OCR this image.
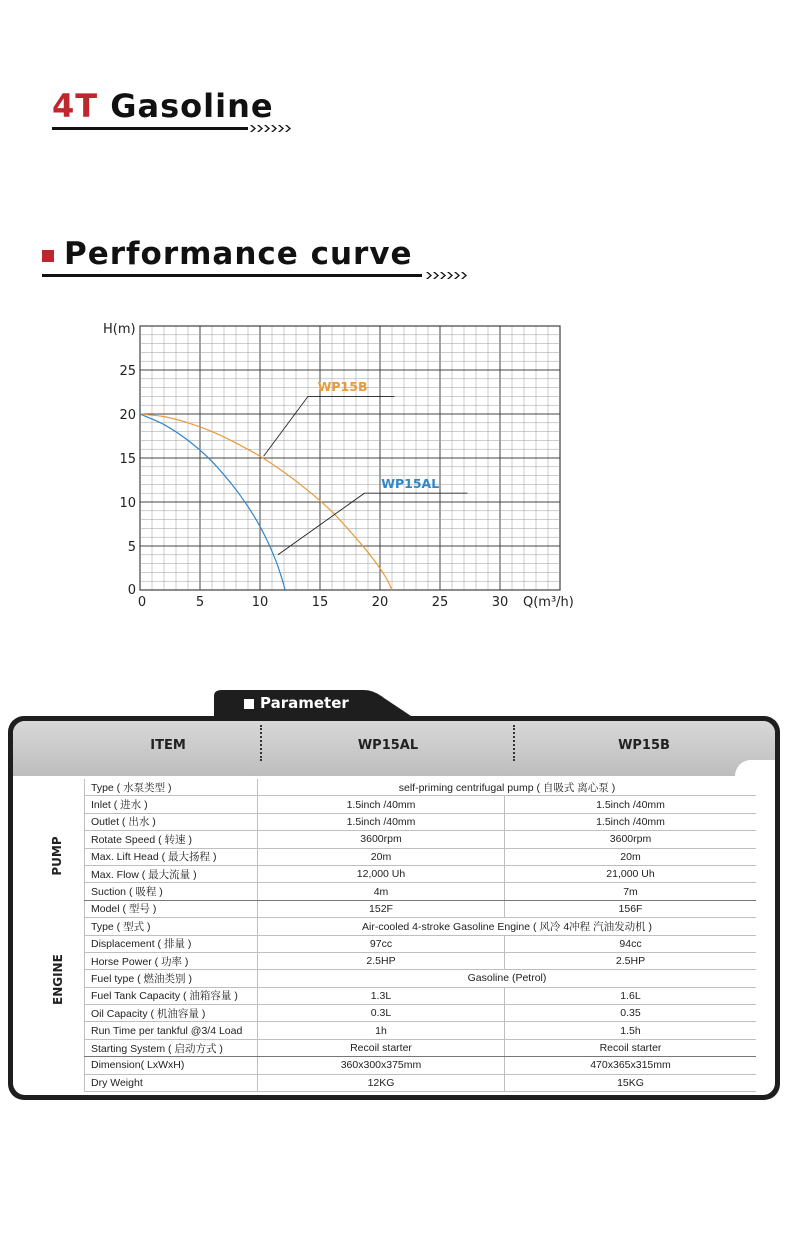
4T Gasoline
Performance curve
5	10	15	20	25	30
0
5
10
15
20
25
0
WP15B
WP15AL
H(m)
Q(m³/h)
Parameter
ITEM	WP15AL	WP15B
PUMP
ENGINE
Type ( 水泵类型 )	self-priming centrifugal pump ( 自吸式 离心泵 )	
Inlet ( 进水 )	1.5inch /40mm	1.5inch /40mm
Outlet ( 出水 )	1.5inch /40mm	1.5inch /40mm
Rotate Speed ( 转速 )	3600rpm	3600rpm
Max. Lift Head ( 最大扬程 )	20m	20m
Max. Flow ( 最大流量 )	12,000 Uh	21,000 Uh
Suction ( 吸程 )	4m	7m
Model ( 型号 )	152F	156F
Type ( 型式 )	Air-cooled 4-stroke Gasoline Engine ( 风冷 4冲程 汽油发动机 )	
Displacement ( 排量 )	97cc	94cc
Horse Power ( 功率 )	2.5HP	2.5HP
Fuel type ( 燃油类别 )	Gasoline (Petrol)	
Fuel Tank Capacity ( 油箱容量 )	1.3L	1.6L
Oil Capacity ( 机油容量 )	0.3L	0.35
Run Time per tankful @3/4 Load	1h	1.5h
Starting System ( 启动方式 )	Recoil starter	Recoil starter
Dimension( LxWxH)	360x300x375mm	470x365x315mm
Dry Weight	12KG	15KG
